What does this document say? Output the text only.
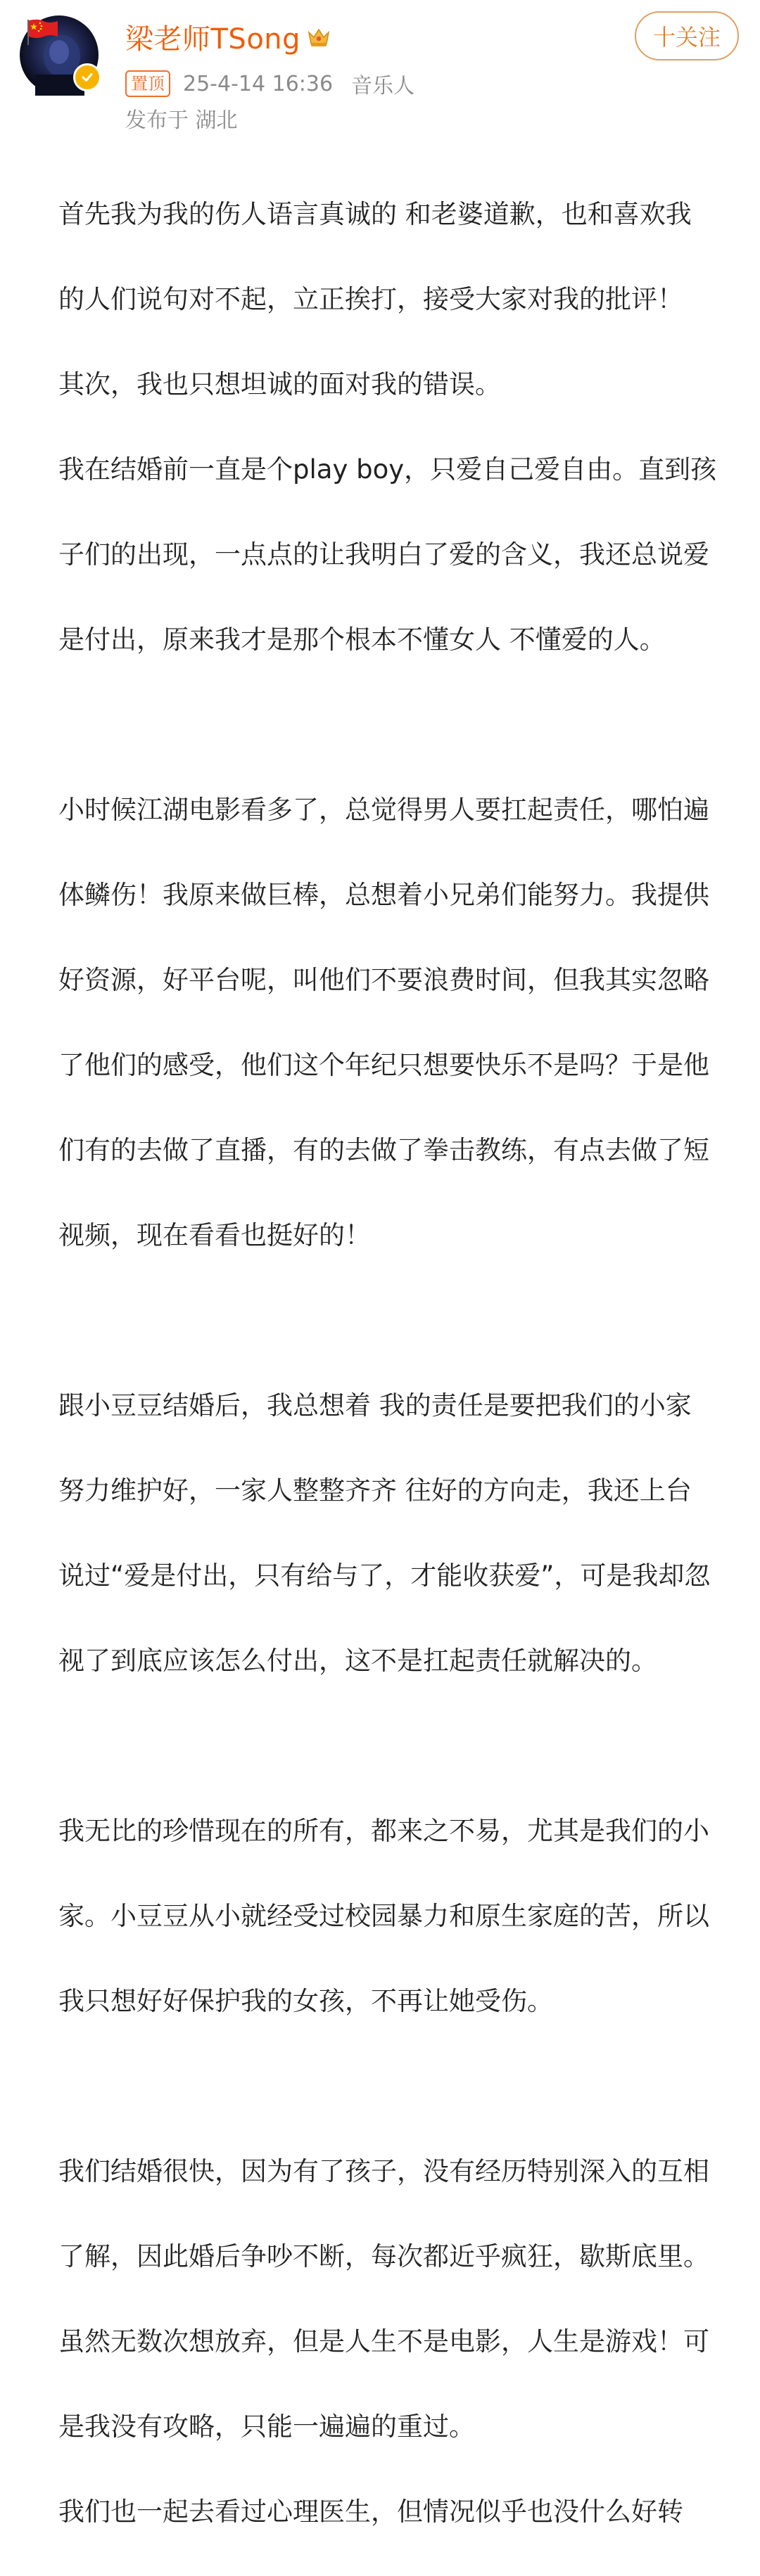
梁老师TSong
置顶 25-4-14 16:36 音乐人
发布于 湖北
十关注

首先我为我的伤人语言真诚的 和老婆道歉，也和喜欢我

的人们说句对不起，立正挨打，接受大家对我的批评！

其次，我也只想坦诚的面对我的错误。

我在结婚前一直是个play boy，只爱自己爱自由。直到孩

子们的出现，一点点的让我明白了爱的含义，我还总说爱

是付出，原来我才是那个根本不懂女人 不懂爱的人。

小时候江湖电影看多了，总觉得男人要扛起责任，哪怕遍

体鳞伤！我原来做巨棒，总想着小兄弟们能努力。我提供

好资源，好平台呢，叫他们不要浪费时间，但我其实忽略

了他们的感受，他们这个年纪只想要快乐不是吗？于是他

们有的去做了直播，有的去做了拳击教练，有点去做了短

视频，现在看看也挺好的！

跟小豆豆结婚后，我总想着 我的责任是要把我们的小家

努力维护好，一家人整整齐齐 往好的方向走，我还上台

说过“爱是付出，只有给与了，才能收获爱”，可是我却忽

视了到底应该怎么付出，这不是扛起责任就解决的。

我无比的珍惜现在的所有，都来之不易，尤其是我们的小

家。小豆豆从小就经受过校园暴力和原生家庭的苦，所以

我只想好好保护我的女孩，不再让她受伤。

我们结婚很快，因为有了孩子，没有经历特别深入的互相

了解，因此婚后争吵不断，每次都近乎疯狂，歇斯底里。

虽然无数次想放弃，但是人生不是电影，人生是游戏！可

是我没有攻略，只能一遍遍的重过。

我们也一起去看过心理医生，但情况似乎也没什么好转
